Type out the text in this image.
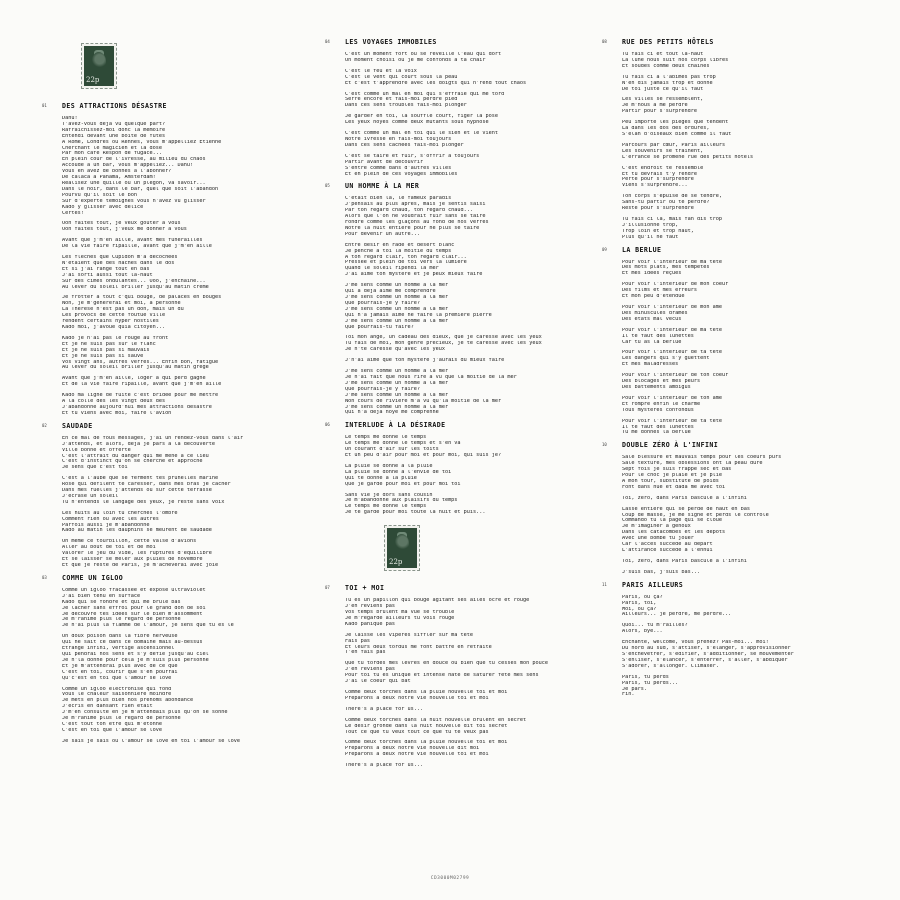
22p
01 DES ATTRACTIONS DÉSASTRE
Dahu!
T'avez-vous déjà vu quelque part?
Rafraîchissez-moi donc la mémoire
Entendi devant une boîte de fûtes
À Rome, Londres ou Rennes, vous m'appelliez Étienne
Cherchant le magicien et la dose
Par mon café Respon de fugace...
En plein cour de l'ivresse, au milieu du chaos
Accoudé à un bar, vous m'appeliez... Dahu!
Vous en avez de bonnes à l'abonner?
De calaca à Panama, Amsterdam!
Réalisez une quille ou un plegon, va savoir...
Dans le noir, dans le bar, quel que soit l'abandon
Pourvu qu'il soit le bon
Sur d'experte témoignes vous n'avez vu glisser
Kado y glisser avec délice
Certes!
Ooh faites tout, je veux goûter à vous
Ooh faites tout, j'veux me donner à vous
Avant que j'm'en aille, avant mes funérailles
De la vie faire ripaille, avant que j'm'en aille
Les flèches que Cupidon m'a décochées
N'étaient que des haches dans le dos
Et si j'ai rangé tout en bas
J'ai sorti aussi tout là-haut
Sur des cimes ondulantes... Ooo, j'enchaîne...
Au lever du soleil briller jusqu'au matin crème
Je frotter à tout c'qui bouge, de palaces en bouges
Non, je m'générerai et moi, à personne
La Thérèse n'est pas un don, mais un dû
Les provocs de cette foutue ville
rendent certains hyper hostiles
Kado moi, j'avoue quia citoyen...
Kado je n'ai pas le rouge au front
Et je ne suis pas sur le flanc
Et je ne suis pas si mauvais
Et je ne suis pas si sauvé
Vos vingt ans, autres verres... Enfin bon, fatigué
Au lever du soleil briller jusqu'au matin grège
Avant que j'm'en aille, loger à qui perd gagne
Et de la vie faire ripaille, avant que j'm'en aille
Kado ma ligne de fuite c'est bridée pour me mettre
À la colle des les vingt deux dés
J'abandonne aujourd'hui mes attractions désastre
Et tu viens avec moi, faire l'avion
02 SAUDADE
En ce mal de fous messages, j'ai un rendez-vous dans l'air
J'attends, et alors, déjà je pars à la découverte
Ville bonne et offerte
C'est l'attrait du danger qui me mène à ce lieu
C'est d'instinct qu'on se cherche et approche
Je sens que c'est toi
C'est à l'aube que se ferment tes prunelles marine
Rose qui défilent te caresser, dans mes bras je cacher
Dans mes ruelles j'attends ou sur cette terrasse
J'écrase un soleil
Tu n'entends le langage des yeux, je reste sans voix
Les nuits au loin tu cherches l'ombre
Comment rien ou avec les autres
Parfois aussi je m'abandonne
Kado au matin les dauphins se meurent de saudade
Oh même ce tourbillon, cette valse d'avions
Aller au bout de toi et de moi
Valorer le jeu du vide, les ruptures d'équilibre
Et se laisser se mêler aux pluies de novembre
Et que je reste de Paris, je m'achèverai avec joie
03 COMME UN IGLOO
Comme un igloo fracassée et exposé ultraviolet
J'ai bien tenu en surface
Kado qui se fondre et qui me brûle bas
Je lâcher sans effroi pour le grand don de soi
Je découvre tes idées sur le bien m'assomment
Je m'ranime plus le regard de personne
Je n'ai plus la flamme de l'amour, je sens que tu es le
Un doux poison dans la fibre nerveuse
Qui ne sait ce dans ce domaine mais au-dessus
Étrange infini, vertige ascensionnel
Qui pendrai nos sens et s'y défie jusqu'au ciel
Je n'la donne pour cela je m'suis plus personne
Et je m'attendrai plus avec de ce que
C'est en toi, courir que s'en pourrai
Qu'c'est en toi que l'amour se love
Comme un igloo électronisé qui fond
Vous le chaleur saisonnière moindre
Je mets en plus bien nos prénoms abondance
J'écris en dansant rien était
J'm'en consulte en je m'attendais plus qu'on se sonne
Je m'ranime plus le regard de personne
C'est tout ton être qui m'étonne
C'est en toi que l'amour se love
Je sais je sais où l'amour se love en toi l'amour se love
04 LES VOYAGES IMMOBILES
C'est un moment fort où se réveille l'eau qui dort
Un moment choisi où je me confonds à ta chair
C'est le feu et la voix
C'est le vent qui court sous la peau
Et c'est t'apprendre avec les doigts qui n'rend tout chaos
C'est comme un mal en moi qui s'effraie qui me tord
Serre encore et fais-moi perdre pied
Dans ces sens troubles fais-moi plonger
Je garder en toi, la souffle court, figer la pose
Les yeux noyés comme deux mutants sous hypnose
C'est comme un mal en toi qui le sien et le vient
Notre ivresse en fais-moi toujours
Dans ces sens cachées fais-moi plonger
C'est se taire et fuir, s'offrir à toujours
Partir avant de découvrir
S'entre comme dans d'autres villes
Et en plein de ces voyages immobiles
05 UN HOMME À LA MER
C'était bien là, le fameux paradis
J'pensais au plus après, mais je sentis saisi
Par ton regard chaud, ton regard chaud...
Alors que l'on ne voudrait fuir sans se taire
Fondre comme les glaçons au fond de nos verres
Notre la nuit entière pour ne plus se taire
Pour devenir un autre...
Entre désir en rade et désert blanc
Je penche à toi la moitié du temps
À ton regard clair, ton regard clair...
Pressée et plein de toi vers la lumière
Quand le soleil ripendi la mer
J'ai aimé ton mystère et je peux mieux faire
J'me sens comme un homme à la mer
Qui a déjà aimé me comprendre
J'me sens comme un homme à la mer
Que pourrais-je y faire?
J'me sens comme un homme à la mer
Qui n'a jamais aimé ne faire la première pierre
J'me sens comme un homme à la mer
Que pourrais-tu faire?
Toi mon ange, un cadeau des dieux, que je caresse avec les yeux
Tu fais de moi, mon genre précieux, je te caresse avec les yeux
Je n'te caresse qu'avec les yeux
J'n'ai aimé que ton mystère j'aurais dû mieux faire
J'me sens comme un homme à la mer
Je n'ai fait que nous rire à vu que la moitié de la mer
J'me sens comme un homme à la mer
Que pourrais-je y faire?
J'me sens comme un homme à la mer
Non cours de rivière m'a vu qu'la moitié de la mer
J'me sens comme un homme à la mer
Qui n'a déjà noyé me comprenne
06 INTERLUDE À LA DÉSIRADE
Le temps me donne le temps
Le temps me donne le temps et s'en va
Un courant d'air sur les toits
Et un peu d'air pour moi et pour moi, qui suis je?
La pluie se donne à la pluie
La pluie se donne à l'envie de toi
Qui te donne à la pluie
Que je garde pour moi et pour moi toi
Sans vie je dors sans cousin
Je m'abandonne aux plaisirs du temps
Le temps me donne le temps
Je te garde pour moi toute la nuit et puis...
22p
07 TOI + MOI
Tu es un papillon qui bouge agitant ses ailes ocre et rouge
J'en reviens pas
Vos temps brûlent ma vue se trouble
Je m'regarde ailleurs tu vois rouge
Kado panique pas
Je laisse les vipères siffler sur ma tête
Fais pas
Et leurs deux tordus me font battre en retraite
T'en fais pas
Que tu tordes mes lèvres en douce ou bien que tu cesses mon pouce
J'en reviens pas
Pour toi tu es unique et intense hâté de saturer fête mes sens
J'ai le coeur qui bat
Comme deux torches dans la pluie nouvelle toi et moi
Préparons à deux notre vie nouvelle toi et moi
There's a place for us...
Comme deux torches dans la nuit nouvelle brûlent en secret
Le désir grondé dans la nuit nouvelle dit toi secret
Tout ce que tu veux tout ce que tu te veux pas
Comme deux torches dans la pluie nouvelle toi et moi
Préparons à deux notre vie nouvelle dit moi
Préparons à deux notre vie nouvelle toi et moi
There's a place for us...
08 RUE DES PETITS HÔTELS
Tu fais ci et tout là-haut
La lune nous suit nos corps libres
Et soudés comme deux chaînes
Tu fais ci à l'abîmes pas trop
N'en dis jamais trop et donne
De toi juste ce qu'il faut
Les villes se ressemblent,
Je m'nous à me perdre
Partir pour s'surprendre
Peu importe les pièges que tendent
Là dans les dos des ordures,
S'élan d'oiseaux bien comme il faut
Parcours par cœur, Paris ailleurs
Les souvenirs se traînent,
L'errance se promène rue des petits hôtels
C'est endroit te ressemble
Et tu devrais t'y rendre
Perte pour s'surprendre
Viens s'surprendre...
Ton corps s'épuise de se tendre,
Sans-tu partir ou te perdre?
Reste pour s'surprendre
Tu fais ci là, mais fan dis trop
J'illusionne trop,
Trop loin et trop haut,
Plus qu'il ne faut
09 LA BERLUE
Pour voir l'intérieur de ma tête
Des mots plats, mes tempêtes
Et mes idées reçues
Pour voir l'intérieur de mon coeur
Des films et mes erreurs
Et mon peu d'étendue
Pour voir l'intérieur de mon âme
Des minuscules drames
Des états mal vécus
Pour voir l'intérieur de ma tête
Il te faut des lunettes
Car tu as la berlue
Pour voir l'intérieur de ta tête
Les dangers qui s'y guettent
Et mes maladresses
Pour voir l'intérieur de ton coeur
Des blocages et mes peurs
Des battements ambigus
Pour voir l'intérieur de ton âme
Et rompre enfin le charme
Tous mystères confondus
Pour voir l'intérieur de ta tête
Il te faut des lunettes
Tu me donnes la berlue
10 DOUBLE ZÉRO À L'INFINI
Sale blessure et mauvais temps pour les coeurs purs
Sale texture, mes obsessions ont la peau dure
Sept fois je suis frappé sec et bas
Pour le choc je plaie et je plie
À mon tour, substitute de poids
Font dans hue et dada me avec toi
Toi, zéro, dans Paris bascule à l'infini
Lasse entière qui se perde de haut en bas
Coup de masse, je me signe et perds le contrôle
Commando tu la page qui se cloue
Je m'imaginer à genoux
Dans les catacombes et les dépôts
Avec une bombe tu jouer
Car l'accès succède au départ
L'attirance succède à l'ennui
Toi, zéro, dans Paris bascule à l'infini
J'suis bas, j'suis bas...
11 PARIS AILLEURS
Paris, où ça?
Paris, toi,
Moi, où ça?
Ailleurs... je perdre, me perdre...
Quoi... tu m'railles?
Alors, bye...
Enchanté, welcome, vous prenez? Pas-moi... moi!
Du nord au sud, s'attiser, s'élanger, s'approvisionner
S'enchevêtrer, s'édifier, s'additionner, se mouvementer
S'enliser, s'élancer, s'enterrer, s'aller, s'abdiquer
S'adorer, s'allonger. Climaxer.
Paris, tu perds
Paris, tu perds...
Je pars.
Fin.
CD3000M02799
